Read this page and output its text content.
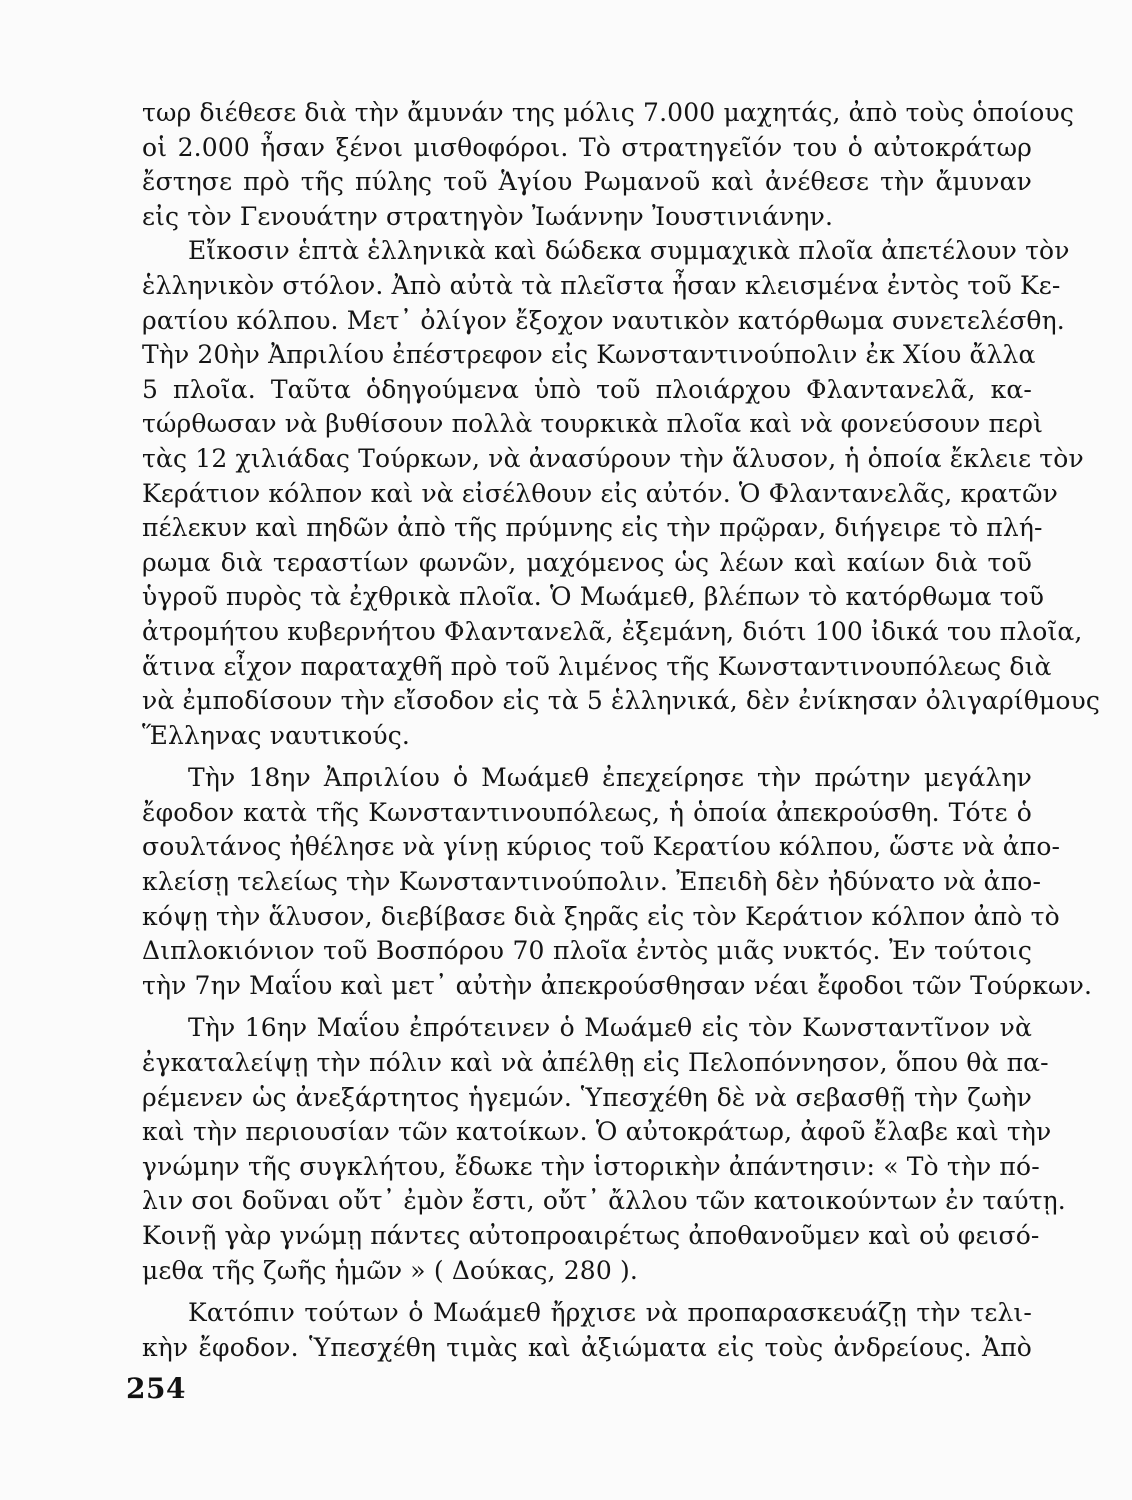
τωρ διέθεσε διὰ τὴν ἄμυνάν της μόλις 7.000 μαχητάς, ἀπὸ τοὺς ὁποίους
οἱ 2.000 ἦσαν ξένοι μισθοφόροι. Τὸ στρατηγεῖόν του ὁ αὐτοκράτωρ
ἔστησε πρὸ τῆς πύλης τοῦ Ἁγίου Ρωμανοῦ καὶ ἀνέθεσε τὴν ἄμυναν
εἰς τὸν Γενουάτην στρατηγὸν Ἰωάννην Ἰουστινιάνην.
Εἴκοσιν ἑπτὰ ἑλληνικὰ καὶ δώδεκα συμμαχικὰ πλοῖα ἀπετέλουν τὸν
ἑλληνικὸν στόλον. Ἀπὸ αὐτὰ τὰ πλεῖστα ἦσαν κλεισμένα ἐντὸς τοῦ Κε-
ρατίου κόλπου. Μετ᾿ ὀλίγον ἔξοχον ναυτικὸν κατόρθωμα συνετελέσθη.
Τὴν 20ὴν Ἀπριλίου ἐπέστρεφον εἰς Κωνσταντινούπολιν ἐκ Χίου ἄλλα
5 πλοῖα. Ταῦτα ὁδηγούμενα ὑπὸ τοῦ πλοιάρχου Φλαντανελᾶ, κα-
τώρθωσαν νὰ βυθίσουν πολλὰ τουρκικὰ πλοῖα καὶ νὰ φονεύσουν περὶ
τὰς 12 χιλιάδας Τούρκων, νὰ ἀνασύρουν τὴν ἅλυσον, ἡ ὁποία ἔκλειε τὸν
Κεράτιον κόλπον καὶ νὰ εἰσέλθουν εἰς αὐτόν. Ὁ Φλαντανελᾶς, κρατῶν
πέλεκυν καὶ πηδῶν ἀπὸ τῆς πρύμνης εἰς τὴν πρῷραν, διήγειρε τὸ πλή-
ρωμα διὰ τεραστίων φωνῶν, μαχόμενος ὡς λέων καὶ καίων διὰ τοῦ
ὑγροῦ πυρὸς τὰ ἐχθρικὰ πλοῖα. Ὁ Μωάμεθ, βλέπων τὸ κατόρθωμα τοῦ
ἀτρομήτου κυβερνήτου Φλαντανελᾶ, ἐξεμάνη, διότι 100 ἰδικά του πλοῖα,
ἅτινα εἶχον παραταχθῆ πρὸ τοῦ λιμένος τῆς Κωνσταντινουπόλεως διὰ
νὰ ἐμποδίσουν τὴν εἴσοδον εἰς τὰ 5 ἑλληνικά, δὲν ἐνίκησαν ὀλιγαρίθμους
Ἕλληνας ναυτικούς.
Τὴν 18ην Ἀπριλίου ὁ Μωάμεθ ἐπεχείρησε τὴν πρώτην μεγάλην
ἔφοδον κατὰ τῆς Κωνσταντινουπόλεως, ἡ ὁποία ἀπεκρούσθη. Τότε ὁ
σουλτάνος ἠθέλησε νὰ γίνῃ κύριος τοῦ Κερατίου κόλπου, ὥστε νὰ ἀπο-
κλείσῃ τελείως τὴν Κωνσταντινούπολιν. Ἐπειδὴ δὲν ἠδύνατο νὰ ἀπο-
κόψῃ τὴν ἅλυσον, διεβίβασε διὰ ξηρᾶς εἰς τὸν Κεράτιον κόλπον ἀπὸ τὸ
Διπλοκιόνιον τοῦ Βοσπόρου 70 πλοῖα ἐντὸς μιᾶς νυκτός. Ἐν τούτοις
τὴν 7ην Μαΐου καὶ μετ᾿ αὐτὴν ἀπεκρούσθησαν νέαι ἔφοδοι τῶν Τούρκων.
Τὴν 16ην Μαΐου ἐπρότεινεν ὁ Μωάμεθ εἰς τὸν Κωνσταντῖνον νὰ
ἐγκαταλείψῃ τὴν πόλιν καὶ νὰ ἀπέλθῃ εἰς Πελοπόννησον, ὅπου θὰ πα-
ρέμενεν ὡς ἀνεξάρτητος ἡγεμών. Ὑπεσχέθη δὲ νὰ σεβασθῇ τὴν ζωὴν
καὶ τὴν περιουσίαν τῶν κατοίκων. Ὁ αὐτοκράτωρ, ἀφοῦ ἔλαβε καὶ τὴν
γνώμην τῆς συγκλήτου, ἔδωκε τὴν ἱστορικὴν ἀπάντησιν: « Τὸ τὴν πό-
λιν σοι δοῦναι οὔτ᾿ ἐμὸν ἔστι, οὔτ᾿ ἄλλου τῶν κατοικούντων ἐν ταύτῃ.
Κοινῇ γὰρ γνώμῃ πάντες αὐτοπροαιρέτως ἀποθανοῦμεν καὶ οὐ φεισό-
μεθα τῆς ζωῆς ἡμῶν » ( Δούκας, 280 ).
Κατόπιν τούτων ὁ Μωάμεθ ἤρχισε νὰ προπαρασκευάζῃ τὴν τελι-
κὴν ἔφοδον. Ὑπεσχέθη τιμὰς καὶ ἀξιώματα εἰς τοὺς ἀνδρείους. Ἀπὸ
254
